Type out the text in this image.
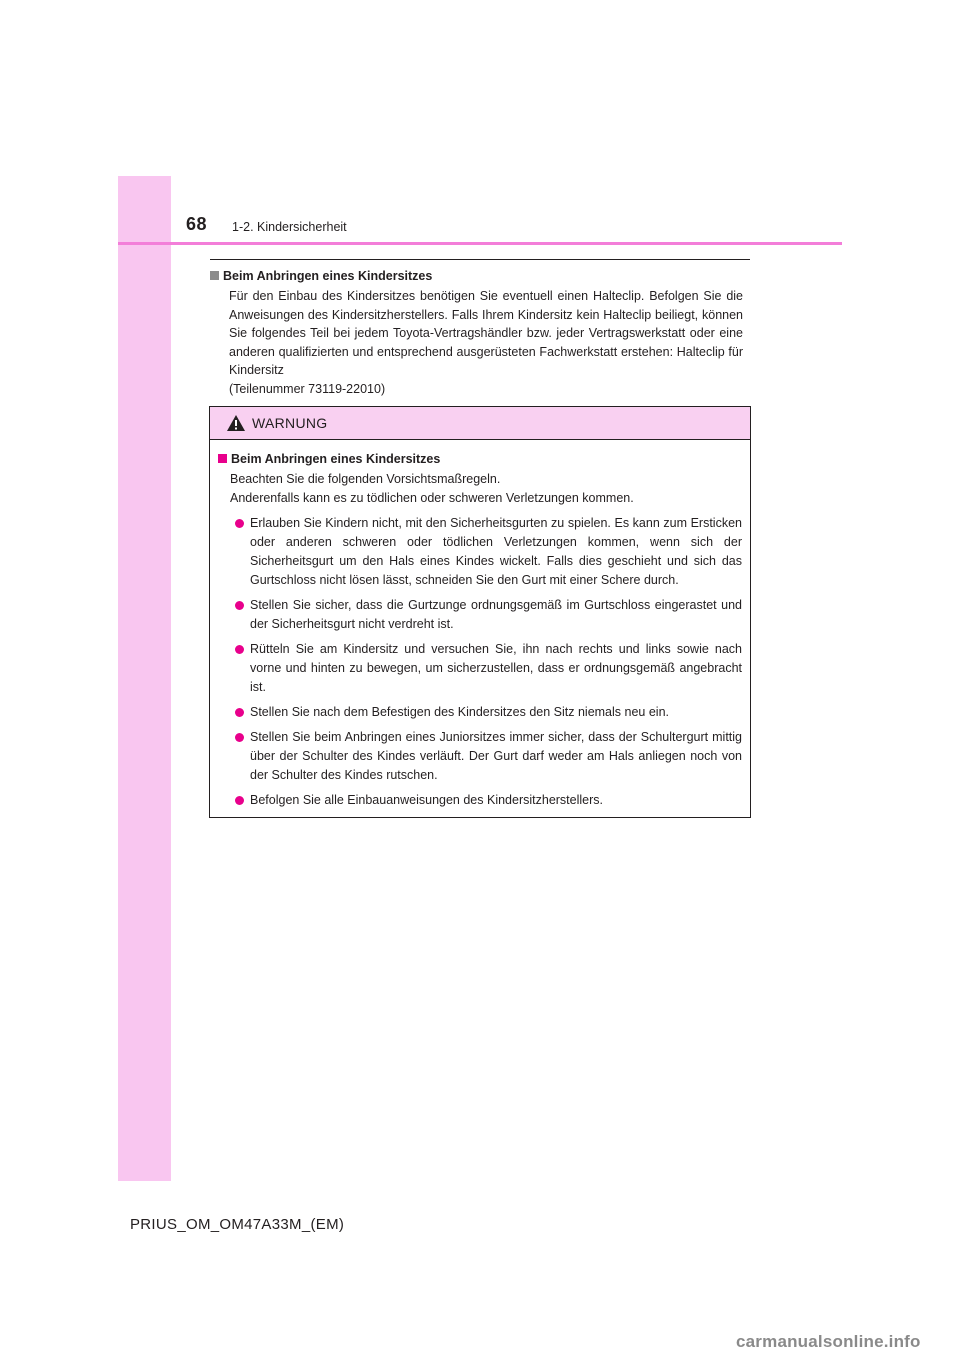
68 1-2. Kindersicherheit
Beim Anbringen eines Kindersitzes
Für den Einbau des Kindersitzes benötigen Sie eventuell einen Halteclip. Befolgen Sie die Anweisungen des Kindersitzherstellers. Falls Ihrem Kindersitz kein Halteclip beiliegt, können Sie folgendes Teil bei jedem Toyota-Vertragshändler bzw. jeder Vertragswerkstatt oder eine anderen qualifizierten und entsprechend ausgerüsteten Fachwerkstatt erstehen: Halteclip für Kindersitz
(Teilenummer 73119-22010)
WARNUNG
Beim Anbringen eines Kindersitzes
Beachten Sie die folgenden Vorsichtsmaßregeln.
Anderenfalls kann es zu tödlichen oder schweren Verletzungen kommen.
Erlauben Sie Kindern nicht, mit den Sicherheitsgurten zu spielen. Es kann zum Ersticken oder anderen schweren oder tödlichen Verletzungen kommen, wenn sich der Sicherheitsgurt um den Hals eines Kindes wickelt. Falls dies geschieht und sich das Gurtschloss nicht lösen lässt, schneiden Sie den Gurt mit einer Schere durch.
Stellen Sie sicher, dass die Gurtzunge ordnungsgemäß im Gurtschloss eingerastet und der Sicherheitsgurt nicht verdreht ist.
Rütteln Sie am Kindersitz und versuchen Sie, ihn nach rechts und links sowie nach vorne und hinten zu bewegen, um sicherzustellen, dass er ordnungsgemäß angebracht ist.
Stellen Sie nach dem Befestigen des Kindersitzes den Sitz niemals neu ein.
Stellen Sie beim Anbringen eines Juniorsitzes immer sicher, dass der Schultergurt mittig über der Schulter des Kindes verläuft. Der Gurt darf weder am Hals anliegen noch von der Schulter des Kindes rutschen.
Befolgen Sie alle Einbauanweisungen des Kindersitzherstellers.
PRIUS_OM_OM47A33M_(EM)
carmanualsonline.info
